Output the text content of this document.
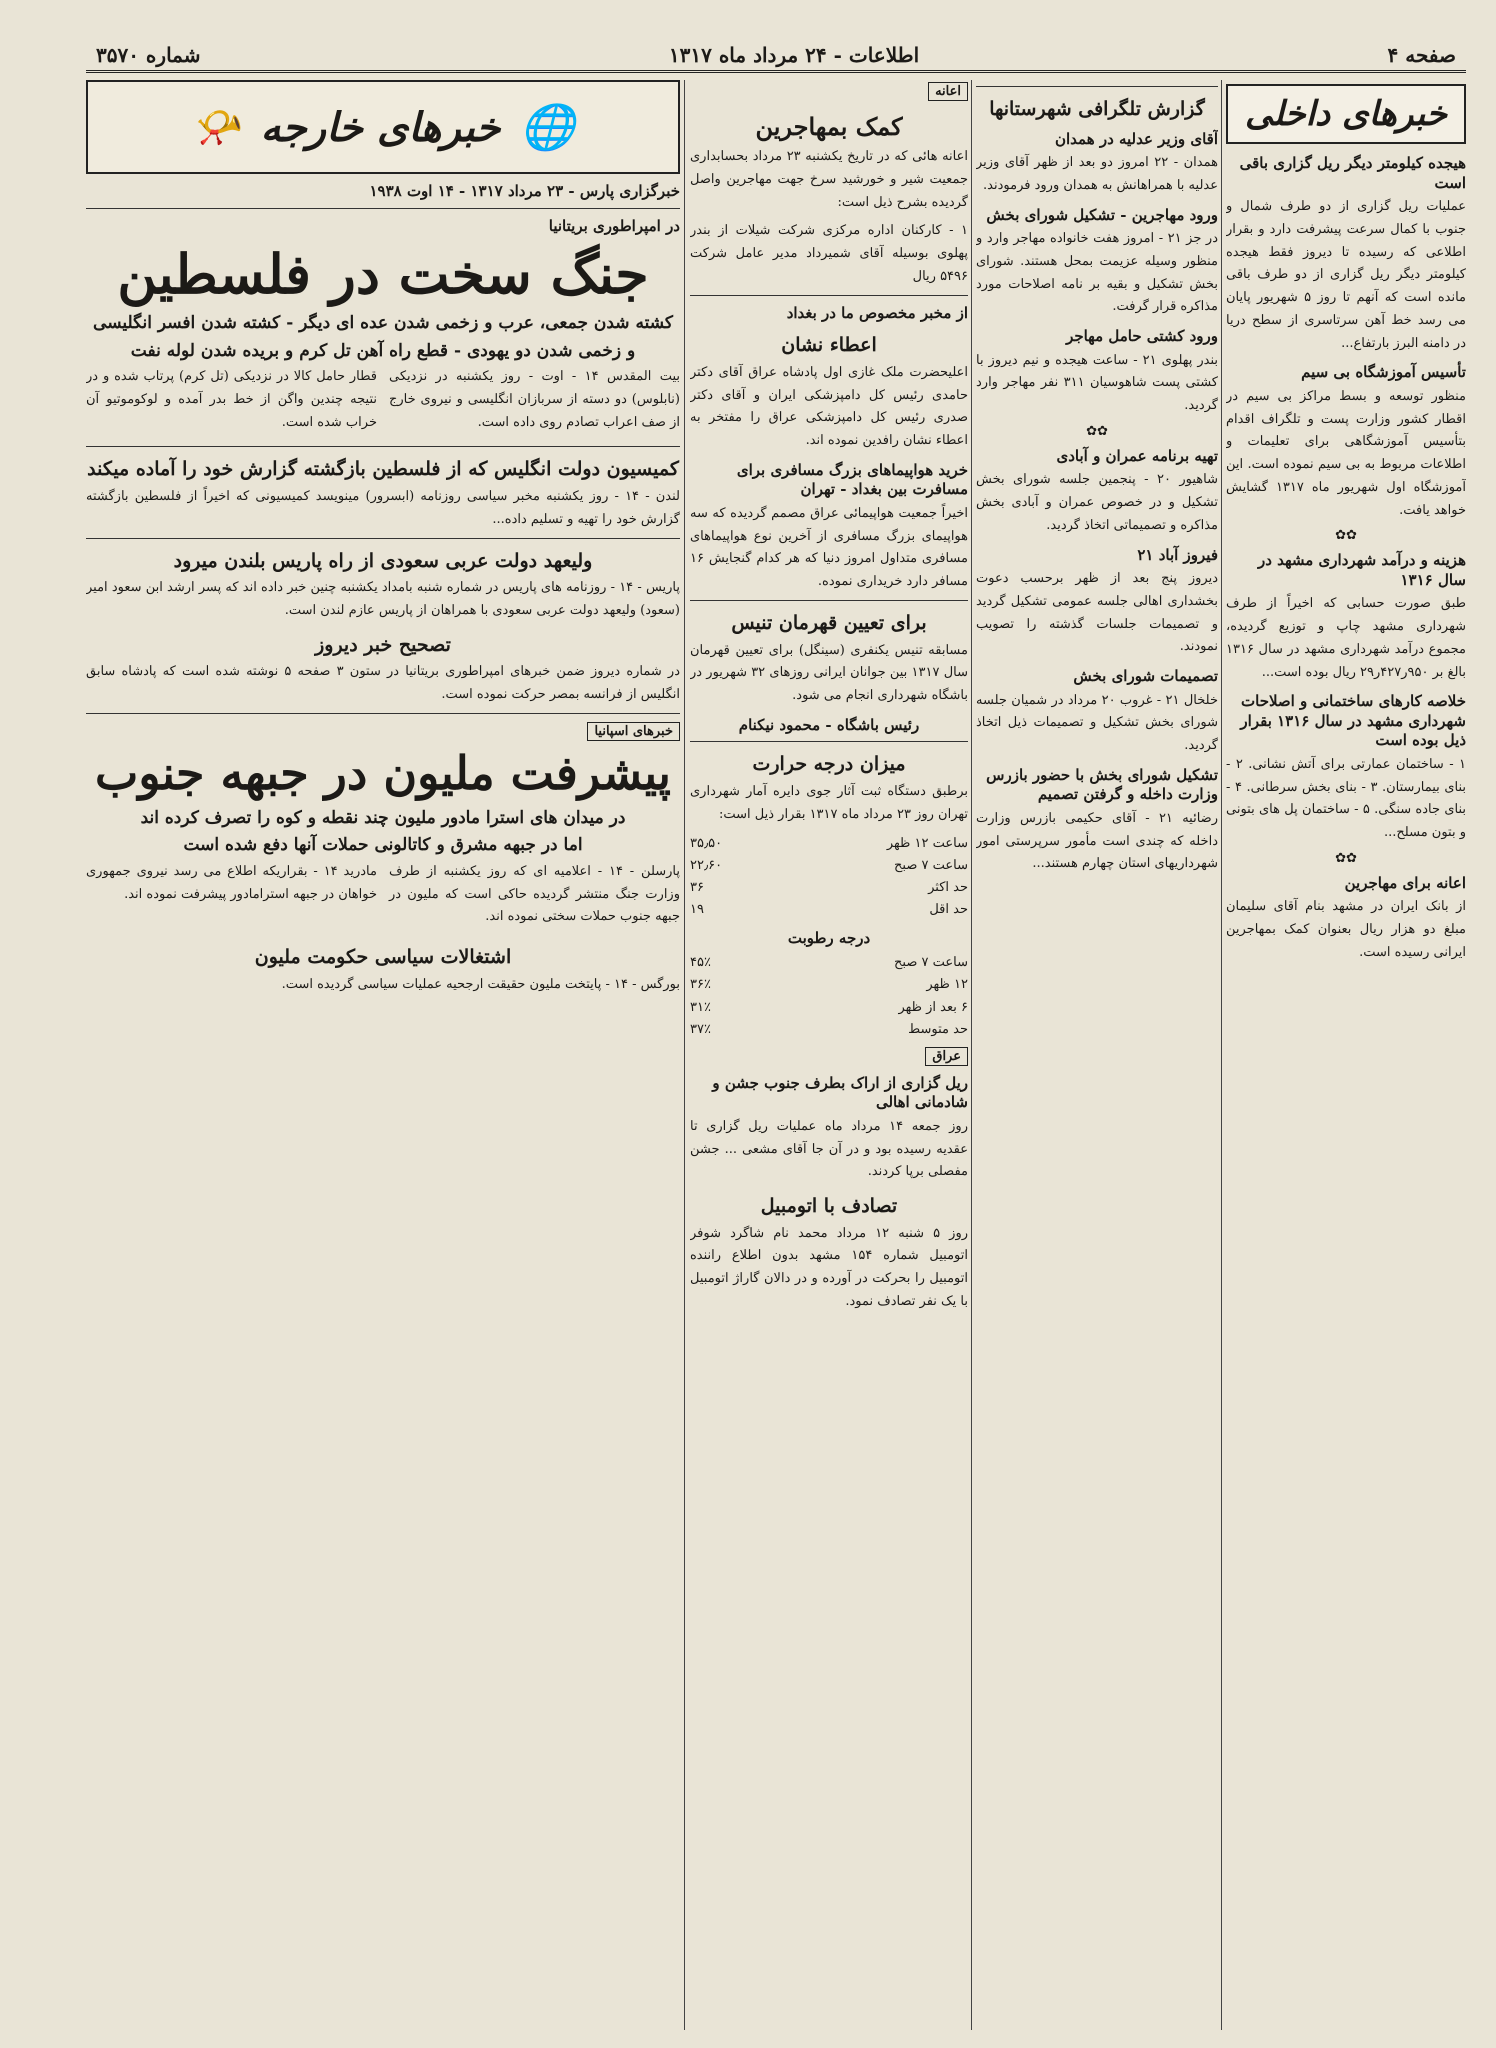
صفحه ۴
اطلاعات - ۲۴ مرداد ماه ۱۳۱۷
شماره ۳۵۷۰
خبرهای داخلی
هیجده کیلومتر دیگر ریل گزاری باقی است

عملیات ریل گزاری از دو طرف شمال و جنوب با کمال سرعت پیشرفت دارد و بقرار اطلاعی که رسیده تا دیروز فقط هیجده کیلومتر دیگر ریل گزاری از دو طرف باقی مانده است که آنهم تا روز ۵ شهریور پایان می رسد خط آهن سرتاسری از سطح دریا در دامنه البرز بارتفاع...

تأسیس آموزشگاه بی سیم

منظور توسعه و بسط مراکز بی سیم در اقطار کشور وزارت پست و تلگراف اقدام بتأسیس آموزشگاهی برای تعلیمات و اطلاعات مربوط به بی سیم نموده است. این آموزشگاه اول شهریور ماه ۱۳۱۷ گشایش خواهد یافت.

✿✿
هزینه و درآمد شهرداری مشهد در سال ۱۳۱۶

طبق صورت حسابی که اخیراً از طرف شهرداری مشهد چاپ و توزیع گردیده، مجموع درآمد شهرداری مشهد در سال ۱۳۱۶ بالغ بر ۹۵۰ر۴۲۷ر۲۹ ریال بوده است...

خلاصه کارهای ساختمانی و اصلاحات شهرداری مشهد در سال ۱۳۱۶ بقرار ذیل بوده است

۱ - ساختمان عمارتی برای آتش نشانی. ۲ - بنای بیمارستان. ۳ - بنای بخش سرطانی. ۴ - بنای جاده سنگی. ۵ - ساختمان پل های بتونی و بتون مسلح...

✿✿
اعانه برای مهاجرین

از بانک ایران در مشهد بنام آقای سلیمان مبلغ دو هزار ریال بعنوان کمک بمهاجرین ایرانی رسیده است.

گزارش تلگرافی شهرستانها
آقای وزیر عدلیه در همدان

همدان - ۲۲ امروز دو بعد از ظهر آقای وزیر عدلیه با همراهانش به همدان ورود فرمودند.

ورود مهاجرین - تشکیل شورای بخش

در جز ۲۱ - امروز هفت خانواده مهاجر وارد و منظور وسیله عزیمت بمحل هستند. شورای بخش تشکیل و بقیه بر نامه اصلاحات مورد مذاکره قرار گرفت.

ورود کشتی حامل مهاجر

بندر پهلوی ۲۱ - ساعت هیجده و نیم دیروز با کشتی پست شاهوسیان ۳۱۱ نفر مهاجر وارد گردید.

✿✿
تهیه برنامه عمران و آبادی

شاهیور ۲۰ - پنجمین جلسه شورای بخش تشکیل و در خصوص عمران و آبادی بخش مذاکره و تصمیماتی اتخاذ گردید.

فیروز آباد ۲۱

دیروز پنج بعد از ظهر برحسب دعوت بخشداری اهالی جلسه عمومی تشکیل گردید و تصمیمات جلسات گذشته را تصویب نمودند.

تصمیمات شورای بخش

خلخال ۲۱ - غروب ۲۰ مرداد در شمیان جلسه شورای بخش تشکیل و تصمیمات ذیل اتخاذ گردید.

تشکیل شورای بخش با حضور بازرس وزارت داخله و گرفتن تصمیم

رضائیه ۲۱ - آقای حکیمی بازرس وزارت داخله که چندی است مأمور سرپرستی امور شهرداریهای استان چهارم هستند...

اعانه
کمک بمهاجرین

اعانه هائی که در تاریخ یکشنبه ۲۳ مرداد بحسابداری جمعیت شیر و خورشید سرخ جهت مهاجرین واصل گردیده بشرح ذیل است:

۱ - کارکنان اداره مرکزی شرکت شیلات از بندر پهلوی بوسیله آقای شمیرداد مدیر عامل شرکت ۵۴۹۶ ریال

از مخبر مخصوص ما در بغداد
اعطاء نشان

اعلیحضرت ملک غازی اول پادشاه عراق آقای دکتر حامدی رئیس کل دامپزشکی ایران و آقای دکتر صدری رئیس کل دامپزشکی عراق را مفتخر به اعطاء نشان رافدین نموده اند.

خرید هواپیماهای بزرگ مسافری برای مسافرت بین بغداد - تهران

اخیراً جمعیت هواپیمائی عراق مصمم گردیده که سه هواپیمای بزرگ مسافری از آخرین نوع هواپیماهای مسافری متداول امروز دنیا که هر کدام گنجایش ۱۶ مسافر دارد خریداری نموده.

برای تعیین قهرمان تنیس

مسابقه تنیس یکنفری (سینگل) برای تعیین قهرمان سال ۱۳۱۷ بین جوانان ایرانی روزهای ۳۲ شهریور در باشگاه شهرداری انجام می شود.

رئیس باشگاه - محمود نیکنام
میزان درجه حرارت

برطبق دستگاه ثبت آثار جوی دایره آمار شهرداری تهران روز ۲۳ مرداد ماه ۱۳۱۷ بقرار ذیل است:

ساعت ۱۲ ظهر
۳۵٫۵۰
ساعت ۷ صبح
۲۲٫۶۰
حد اکثر
۳۶
حد اقل
۱۹
درجه رطوبت
ساعت ۷ صبح
۴۵٪
۱۲ ظهر
۳۶٪
۶ بعد از ظهر
۳۱٪
حد متوسط
۳۷٪
عراق
ریل گزاری از اراک بطرف جنوب جشن و شادمانی اهالی

روز جمعه ۱۴ مرداد ماه عملیات ریل گزاری تا عقدیه رسیده بود و در آن جا آقای مشعی ... جشن مفصلی برپا کردند.

تصادف با اتومبیل

روز ۵ شنبه ۱۲ مرداد محمد نام شاگرد شوفر اتومبیل شماره ۱۵۴ مشهد بدون اطلاع راننده اتومبیل را بحرکت در آورده و در دالان گاراژ اتومبیل با یک نفر تصادف نمود.

🌐
خبرهای خارجه
📯
خبرگزاری پارس - ۲۳ مرداد ۱۳۱۷ - ۱۴ اوت ۱۹۳۸
در امپراطوری بریتانیا
جنگ سخت در فلسطین
کشته شدن جمعی، عرب و زخمی شدن عده ای دیگر - کشته شدن افسر انگلیسی
و زخمی شدن دو یهودی - قطع راه آهن تل کرم و بریده شدن لوله نفت

بیت المقدس ۱۴ - اوت - روز یکشنبه در نزدیکی (نابلوس) دو دسته از سربازان انگلیسی و نیروی خارج از صف اعراب تصادم روی داده است.

قطار حامل کالا در نزدیکی (تل کرم) پرتاب شده و در نتیجه چندین واگن از خط بدر آمده و لوکوموتیو آن خراب شده است.

کمیسیون دولت انگلیس که از فلسطین بازگشته گزارش خود را آماده میکند

لندن - ۱۴ - روز یکشنبه مخبر سیاسی روزنامه (ابسرور) مینویسد کمیسیونی که اخیراً از فلسطین بازگشته گزارش خود را تهیه و تسلیم داده...

ولیعهد دولت عربی سعودی از راه پاریس بلندن میرود

پاریس - ۱۴ - روزنامه های پاریس در شماره شنبه بامداد یکشنبه چنین خبر داده اند که پسر ارشد ابن سعود امیر (سعود) ولیعهد دولت عربی سعودی با همراهان از پاریس عازم لندن است.

تصحیح خبر دیروز

در شماره دیروز ضمن خبرهای امپراطوری بریتانیا در ستون ۳ صفحه ۵ نوشته شده است که پادشاه سابق انگلیس از فرانسه بمصر حرکت نموده است.

خبرهای اسپانیا
پیشرفت ملیون در جبهه جنوب
در میدان های استرا مادور ملیون چند نقطه و کوه را تصرف کرده اند
اما در جبهه مشرق و کاتالونی حملات آنها دفع شده است

پارسلن - ۱۴ - اعلامیه ای که روز یکشنبه از طرف وزارت جنگ منتشر گردیده حاکی است که ملیون در جبهه جنوب حملات سختی نموده اند.

مادرید ۱۴ - بقراریکه اطلاع می رسد نیروی جمهوری خواهان در جبهه استرامادور پیشرفت نموده اند.

اشتغالات سیاسی حکومت ملیون

بورگس - ۱۴ - پایتخت ملیون حقیقت ارجحیه عملیات سیاسی گردیده است.
